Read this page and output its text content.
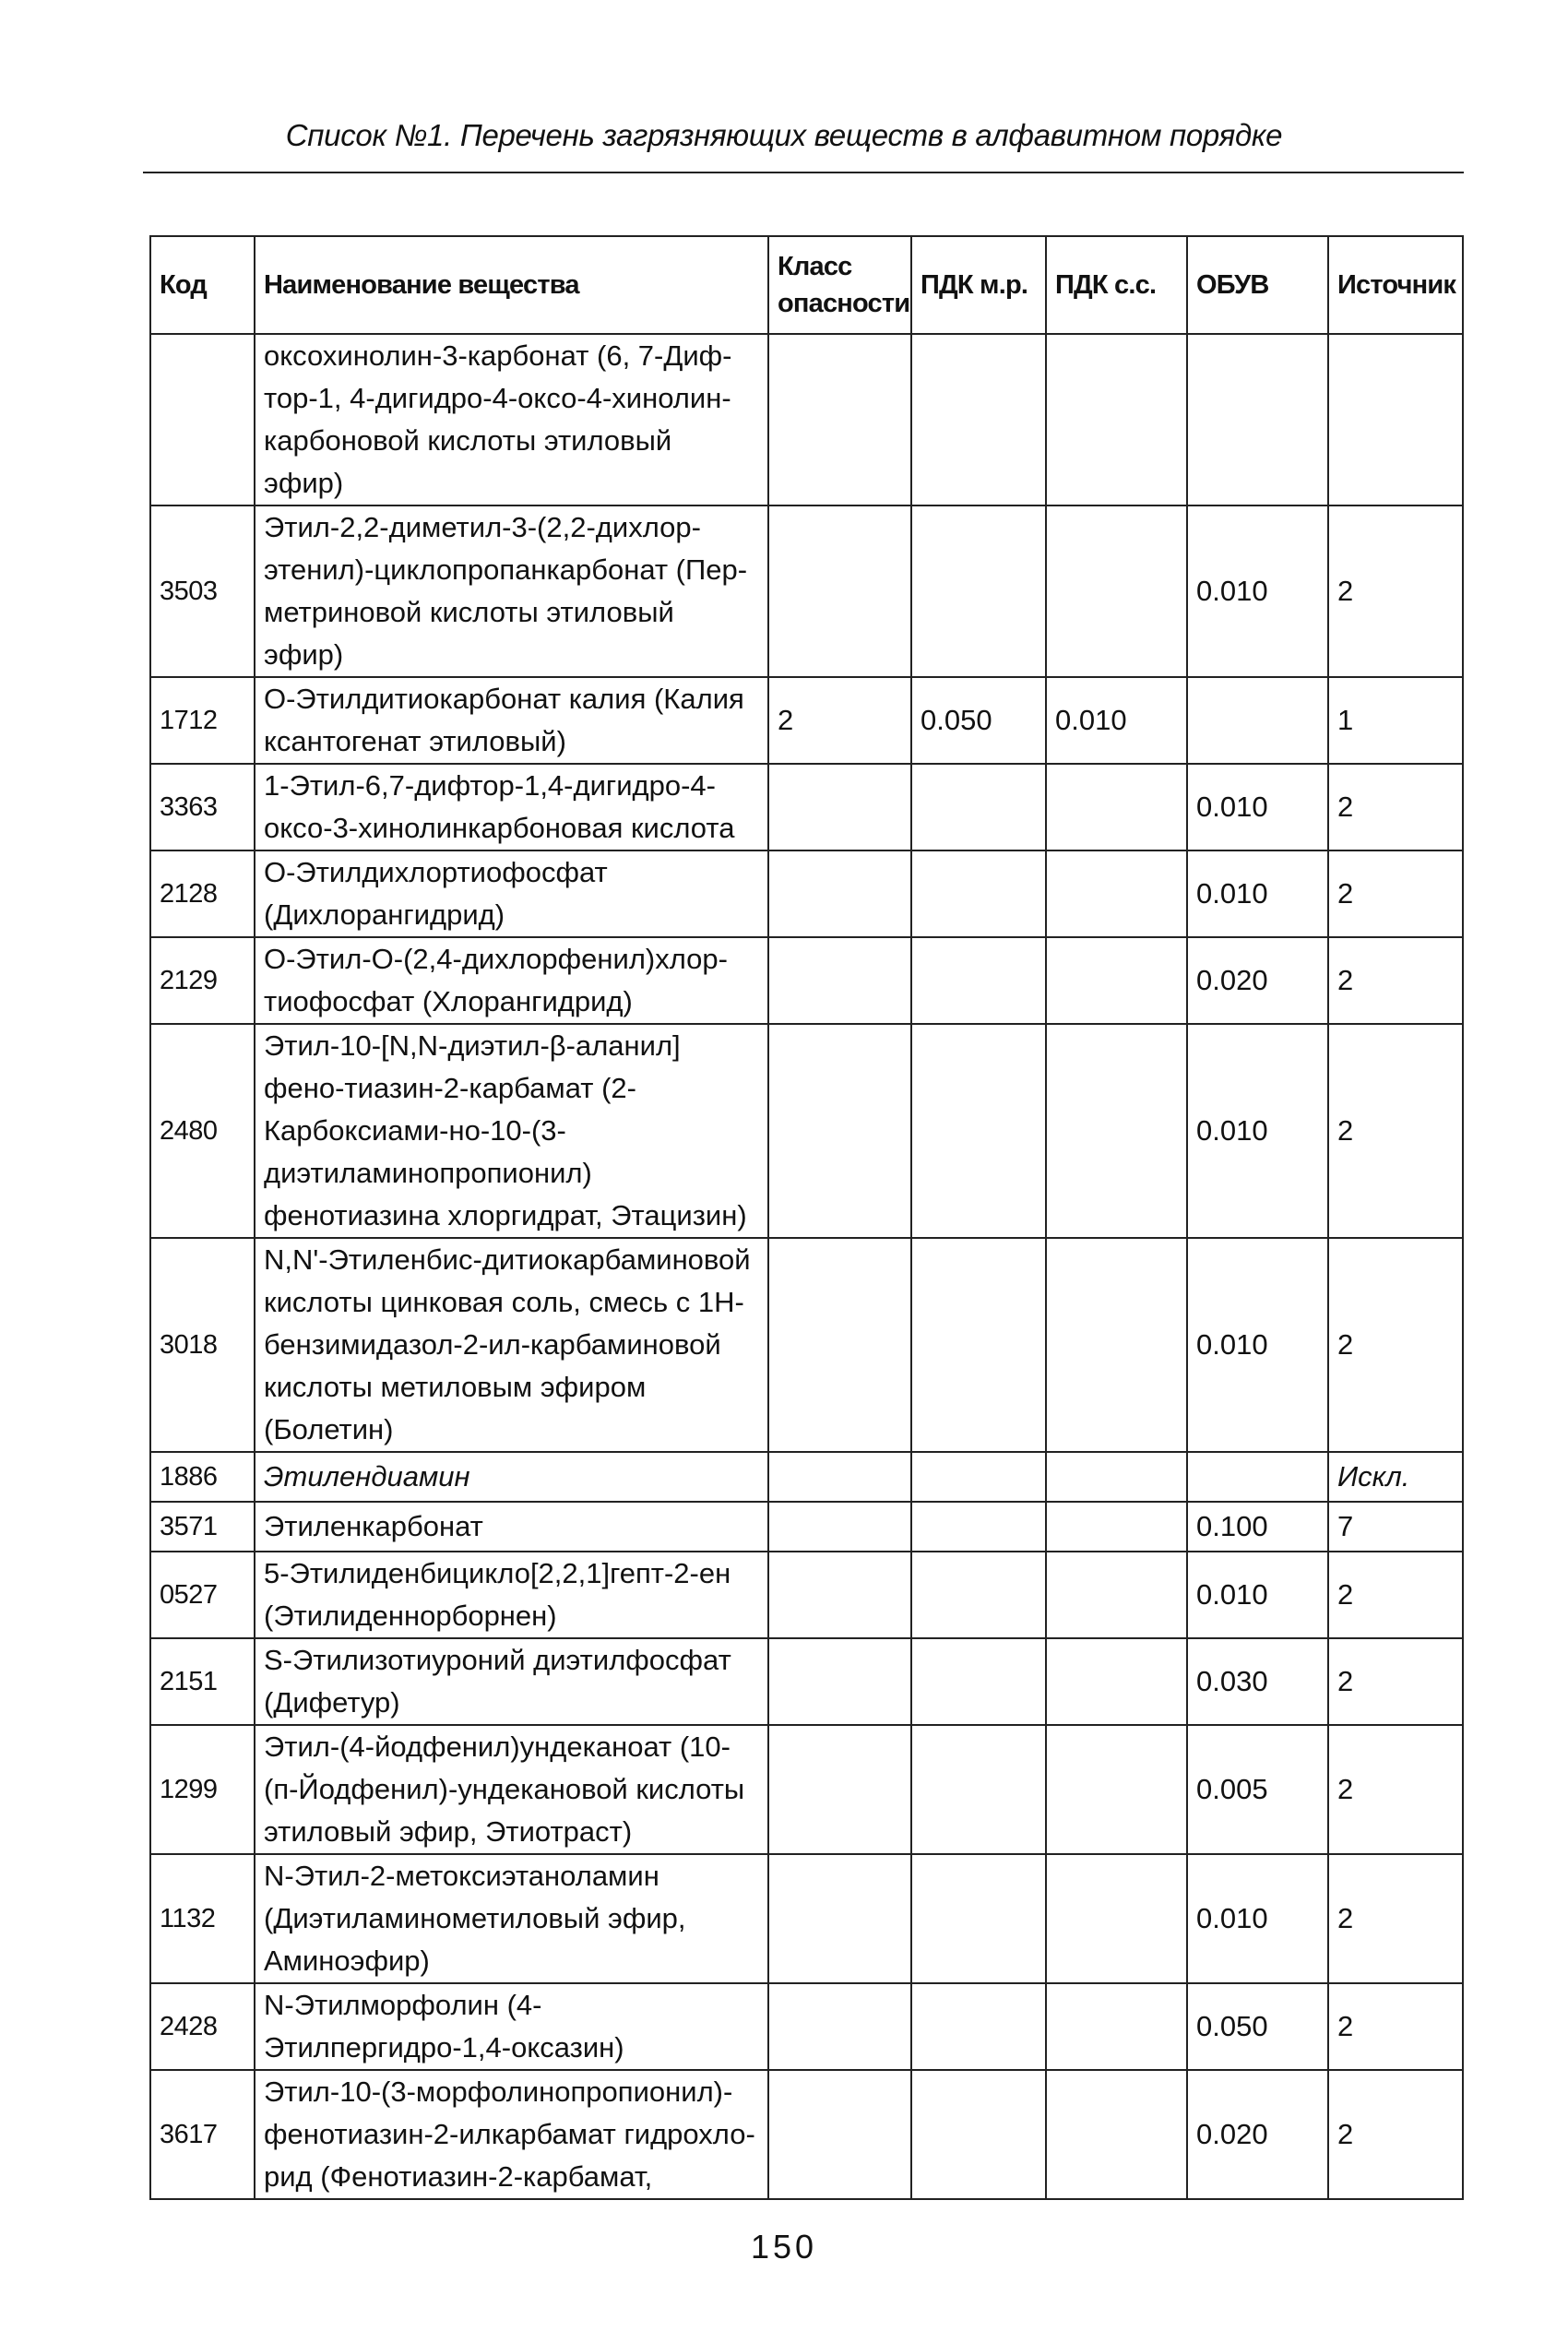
Список №1. Перечень загрязняющих веществ в алфавитном порядке
Код	Наименование вещества	Класс опасности	ПДК м.р.	ПДК с.с.	ОБУВ	Источник
	оксохинолин-3-карбонат (6, 7-Диф-тор-1, 4-дигидро-4-оксо-4-хинолин-карбоновой кислоты этиловый эфир)					
3503	Этил-2,2-диметил-3-(2,2-дихлор-этенил)-циклопропанкарбонат (Пер-метриновой кислоты этиловый эфир)				0.010	2
1712	О-Этилдитиокарбонат калия (Калия ксантогенат этиловый)	2	0.050	0.010		1
3363	1-Этил-6,7-дифтор-1,4-дигидро-4-оксо-3-хинолинкарбоновая кислота				0.010	2
2128	О-Этилдихлортиофосфат (Дихлорангидрид)				0.010	2
2129	О-Этил-О-(2,4-дихлорфенил)хлор-тиофосфат (Хлорангидрид)				0.020	2
2480	Этил-10-[N,N-диэтил-β-аланил] фено-тиазин-2-карбамат (2-Карбоксиами-но-10-(3-диэтиламинопропионил) фенотиазина хлоргидрат, Этацизин)				0.010	2
3018	N,N'-Этиленбис-дитиокарбаминовой кислоты цинковая соль, смесь с 1Н-бензимидазол-2-ил-карбаминовой кислоты метиловым эфиром (Болетин)				0.010	2
1886	Этилендиамин					Искл.
3571	Этиленкарбонат				0.100	7
0527	5-Этилиденбицикло[2,2,1]гепт-2-ен (Этилиденнорборнен)				0.010	2
2151	S-Этилизотиуроний диэтилфосфат (Дифетур)				0.030	2
1299	Этил-(4-йодфенил)ундеканоат (10-(п-Йодфенил)-ундекановой кислоты этиловый эфир, Этиотраст)				0.005	2
1132	N-Этил-2-метоксиэтаноламин (Диэтиламинометиловый эфир, Аминоэфир)				0.010	2
2428	N-Этилморфолин (4-Этилпергидро-1,4-оксазин)				0.050	2
3617	Этил-10-(3-морфолинопропионил)-фенотиазин-2-илкарбамат гидрохло-рид (Фенотиазин-2-карбамат,				0.020	2
150
